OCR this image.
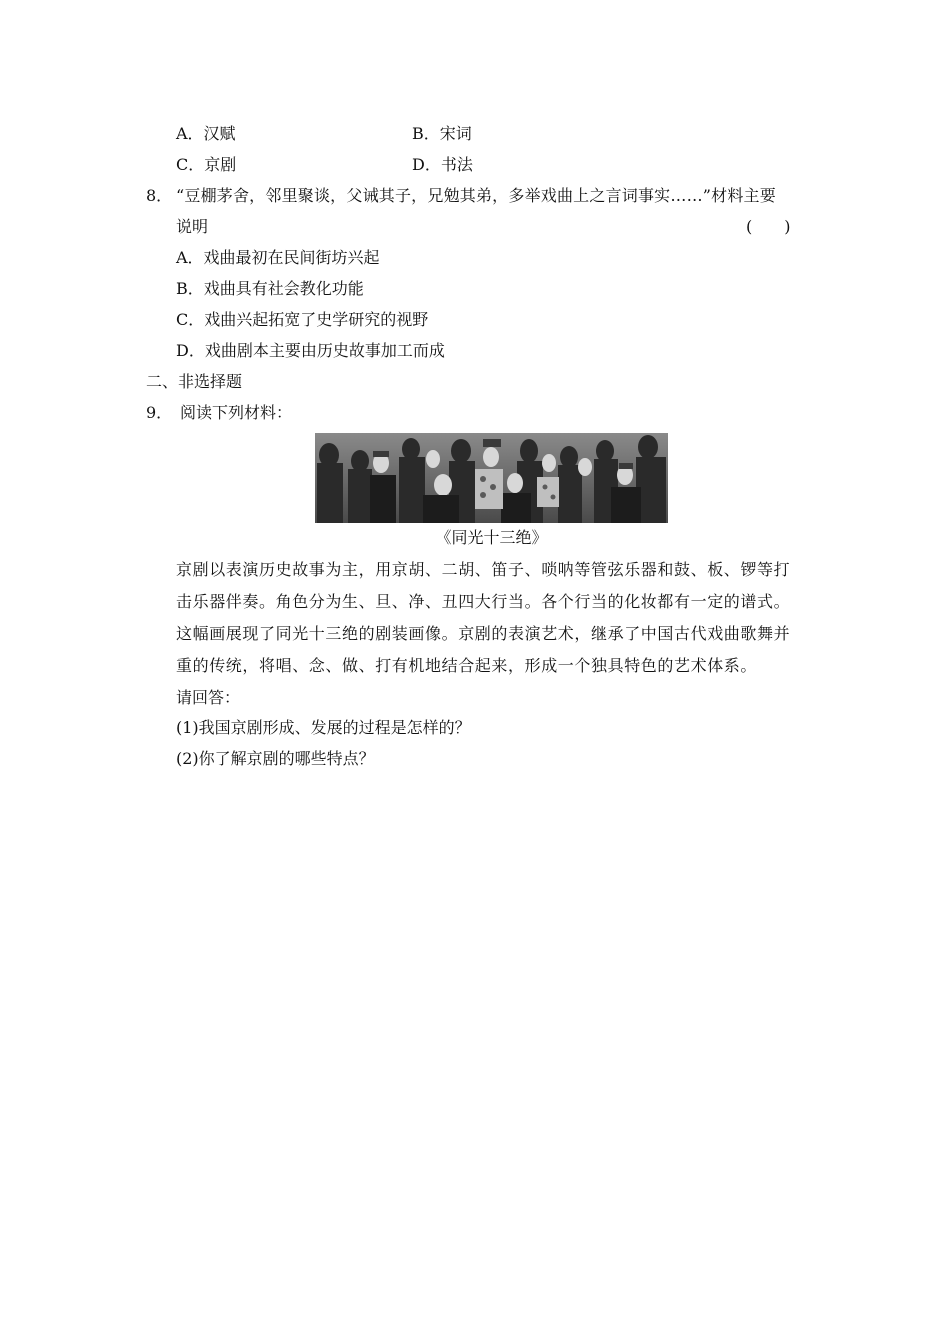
A．汉赋	B．宋词
C．京剧	D．书法
8． “豆棚茅舍，邻里聚谈，父诫其子，兄勉其弟，多举戏曲上之言词事实……”材料主要
说明	(　　)
A．戏曲最初在民间街坊兴起
B．戏曲具有社会教化功能
C．戏曲兴起拓宽了史学研究的视野
D．戏曲剧本主要由历史故事加工而成
二、非选择题
9． 阅读下列材料：
《同光十三绝》
京剧以表演历史故事为主，用京胡、二胡、笛子、唢呐等管弦乐器和鼓、板、锣等打
击乐器伴奏。角色分为生、旦、净、丑四大行当。各个行当的化妆都有一定的谱式。
这幅画展现了同光十三绝的剧装画像。京剧的表演艺术，继承了中国古代戏曲歌舞并
重的传统，将唱、念、做、打有机地结合起来，形成一个独具特色的艺术体系。
请回答：
(1)我国京剧形成、发展的过程是怎样的？
(2)你了解京剧的哪些特点？
